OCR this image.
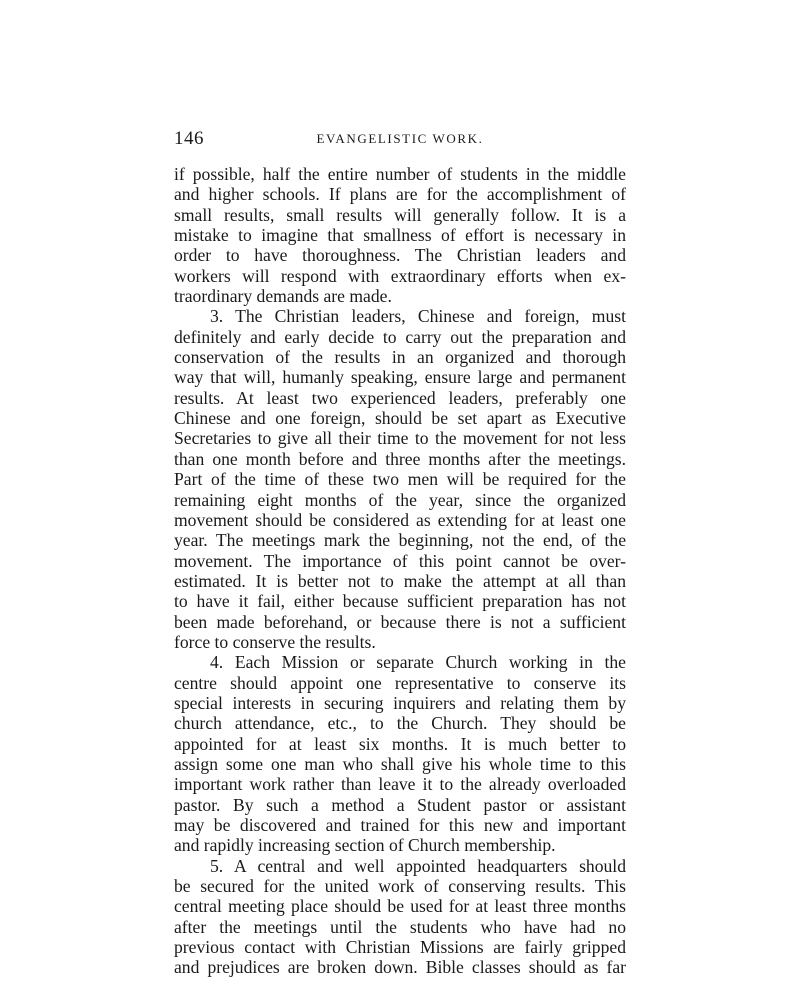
146	EVANGELISTIC WORK.
if possible, half the entire number of students in the middle
and higher schools. If plans are for the accomplishment of
small results, small results will generally follow. It is a
mistake to imagine that smallness of effort is necessary in
order to have thoroughness. The Christian leaders and
workers will respond with extraordinary efforts when ex-
traordinary demands are made.
3. The Christian leaders, Chinese and foreign, must
definitely and early decide to carry out the preparation and
conservation of the results in an organized and thorough
way that will, humanly speaking, ensure large and permanent
results. At least two experienced leaders, preferably one
Chinese and one foreign, should be set apart as Executive
Secretaries to give all their time to the movement for not less
than one month before and three months after the meetings.
Part of the time of these two men will be required for the
remaining eight months of the year, since the organized
movement should be considered as extending for at least one
year. The meetings mark the beginning, not the end, of the
movement. The importance of this point cannot be over-
estimated. It is better not to make the attempt at all than
to have it fail, either because sufficient preparation has not
been made beforehand, or because there is not a sufficient
force to conserve the results.
4. Each Mission or separate Church working in the
centre should appoint one representative to conserve its
special interests in securing inquirers and relating them by
church attendance, etc., to the Church. They should be
appointed for at least six months. It is much better to
assign some one man who shall give his whole time to this
important work rather than leave it to the already overloaded
pastor. By such a method a Student pastor or assistant
may be discovered and trained for this new and important
and rapidly increasing section of Church membership.
5. A central and well appointed headquarters should
be secured for the united work of conserving results. This
central meeting place should be used for at least three months
after the meetings until the students who have had no
previous contact with Christian Missions are fairly gripped
and prejudices are broken down. Bible classes should as far
